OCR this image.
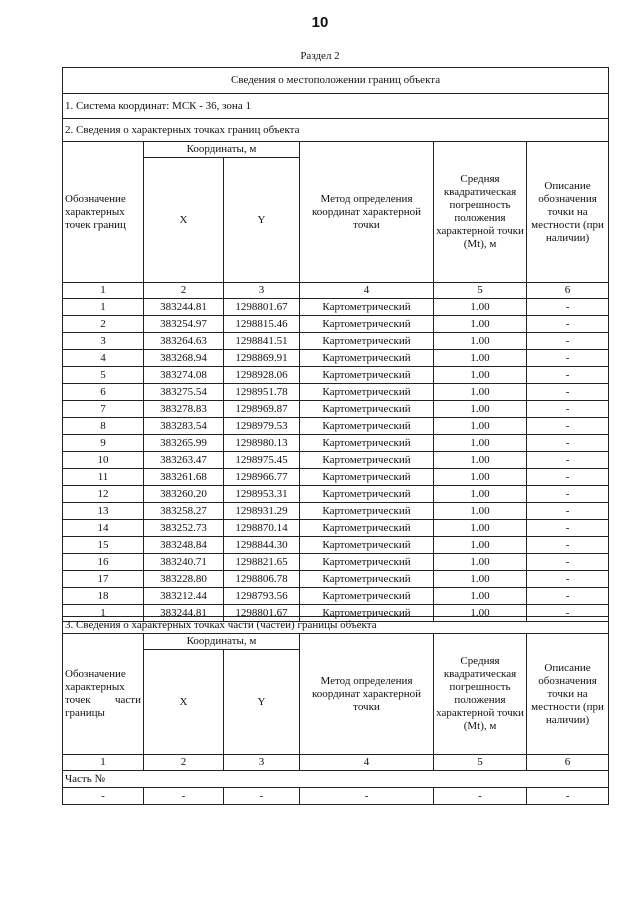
10
Раздел 2
Сведения о местоположении границ объекта					
1. Система координат: МСК - 36, зона 1					
2. Сведения о характерных точках границ объекта					
Обозначение характерных точек границ	Координаты, м		Метод определения координат характерной точки	Средняя квадратическая погрешность положения характерной точки (Mt), м	Описание обозначения точки на местности (при наличии)
	X	Y			
1	2	3	4	5	6
1	383244.81	1298801.67	Картометрический	1.00	-
2	383254.97	1298815.46	Картометрический	1.00	-
3	383264.63	1298841.51	Картометрический	1.00	-
4	383268.94	1298869.91	Картометрический	1.00	-
5	383274.08	1298928.06	Картометрический	1.00	-
6	383275.54	1298951.78	Картометрический	1.00	-
7	383278.83	1298969.87	Картометрический	1.00	-
8	383283.54	1298979.53	Картометрический	1.00	-
9	383265.99	1298980.13	Картометрический	1.00	-
10	383263.47	1298975.45	Картометрический	1.00	-
11	383261.68	1298966.77	Картометрический	1.00	-
12	383260.20	1298953.31	Картометрический	1.00	-
13	383258.27	1298931.29	Картометрический	1.00	-
14	383252.73	1298870.14	Картометрический	1.00	-
15	383248.84	1298844.30	Картометрический	1.00	-
16	383240.71	1298821.65	Картометрический	1.00	-
17	383228.80	1298806.78	Картометрический	1.00	-
18	383212.44	1298793.56	Картометрический	1.00	-
1	383244.81	1298801.67	Картометрический	1.00	-
3. Сведения о характерных точках части (частей) границы объекта					
Обозначение характерных точек части границы	Координаты, м		Метод определения координат характерной точки	Средняя квадратическая погрешность положения характерной точки (Mt), м	Описание обозначения точки на местности (при наличии)
	X	Y			
1	2	3	4	5	6
Часть №					
-	-	-	-	-	-
